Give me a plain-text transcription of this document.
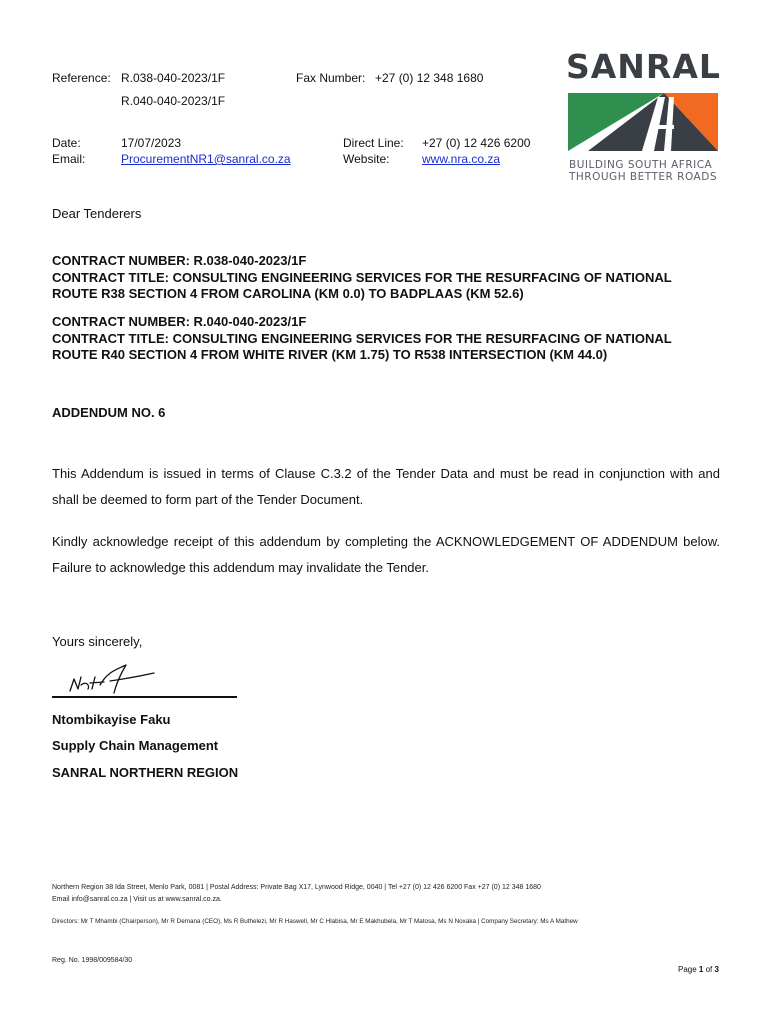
Reference: R.038-040-2023/1F
R.040-040-2023/1F
Fax Number: +27 (0) 12 348 1680
Date:	17/07/2023
Email:	ProcurementNR1@sanral.co.za
Direct Line: +27 (0) 12 426 6200
Website:	www.nra.co.za
SANRAL
BUILDING SOUTH AFRICA
THROUGH BETTER ROADS
Dear Tenderers
CONTRACT NUMBER: R.038-040-2023/1F
CONTRACT TITLE: CONSULTING ENGINEERING SERVICES FOR THE RESURFACING OF NATIONAL ROUTE R38 SECTION 4 FROM CAROLINA (KM 0.0) TO BADPLAAS (KM 52.6)
CONTRACT NUMBER: R.040-040-2023/1F
CONTRACT TITLE: CONSULTING ENGINEERING SERVICES FOR THE RESURFACING OF NATIONAL ROUTE R40 SECTION 4 FROM WHITE RIVER (KM 1.75) TO R538 INTERSECTION (KM 44.0)
ADDENDUM NO. 6
This Addendum is issued in terms of Clause C.3.2 of the Tender Data and must be read in conjunction with and shall be deemed to form part of the Tender Document.
Kindly acknowledge receipt of this addendum by completing the ACKNOWLEDGEMENT OF ADDENDUM below. Failure to acknowledge this addendum may invalidate the Tender.
Yours sincerely,
Ntombikayise Faku
Supply Chain Management
SANRAL NORTHERN REGION
Northern Region 38 Ida Street, Menlo Park, 0081 | Postal Address: Private Bag X17, Lynwood Ridge, 0040 | Tel +27 (0) 12 426 6200 Fax +27 (0) 12 348 1680
Email info@sanral.co.za | Visit us at www.sanral.co.za.
Directors: Mr T Mhambi (Chairperson), Mr R Demana (CEO), Ms R Buthelezi, Mr R Haswell, Mr C Hlabisa, Mr E Makhubela, Mr T Matosa, Ms N Noxaka | Company Secretary: Ms A Mathew
Reg. No. 1998/009584/30
Page 1 of 3
